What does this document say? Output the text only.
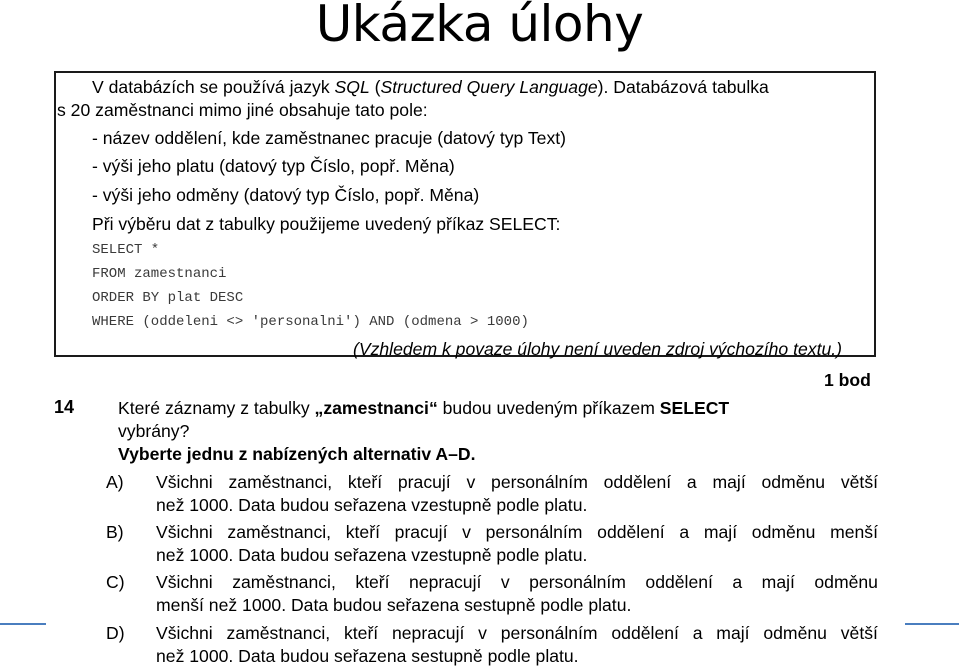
Ukázka úlohy
V databázích se používá jazyk SQL (Structured Query Language). Databázová tabulka
s 20 zaměstnanci mimo jiné obsahuje tato pole:
- název oddělení, kde zaměstnanec pracuje (datový typ Text)
- výši jeho platu (datový typ Číslo, popř. Měna)
- výši jeho odměny (datový typ Číslo, popř. Měna)
Při výběru dat z tabulky použijeme uvedený příkaz SELECT:
SELECT *
FROM zamestnanci
ORDER BY plat DESC
WHERE (oddeleni <> 'personalni') AND (odmena > 1000)
(Vzhledem k povaze úlohy není uveden zdroj výchozího textu.)
1 bod
14 Které záznamy z tabulky „zamestnanci“ budou uvedeným příkazem SELECT
vybrány?
Vyberte jednu z nabízených alternativ A–D.
A) Všichni zaměstnanci, kteří pracují v personálním oddělení a mají odměnu větší
než 1000. Data budou seřazena vzestupně podle platu.
B) Všichni zaměstnanci, kteří pracují v personálním oddělení a mají odměnu menší
než 1000. Data budou seřazena vzestupně podle platu.
C) Všichni zaměstnanci, kteří nepracují v personálním oddělení a mají odměnu
menší než 1000. Data budou seřazena sestupně podle platu.
D) Všichni zaměstnanci, kteří nepracují v personálním oddělení a mají odměnu větší
než 1000. Data budou seřazena sestupně podle platu.
